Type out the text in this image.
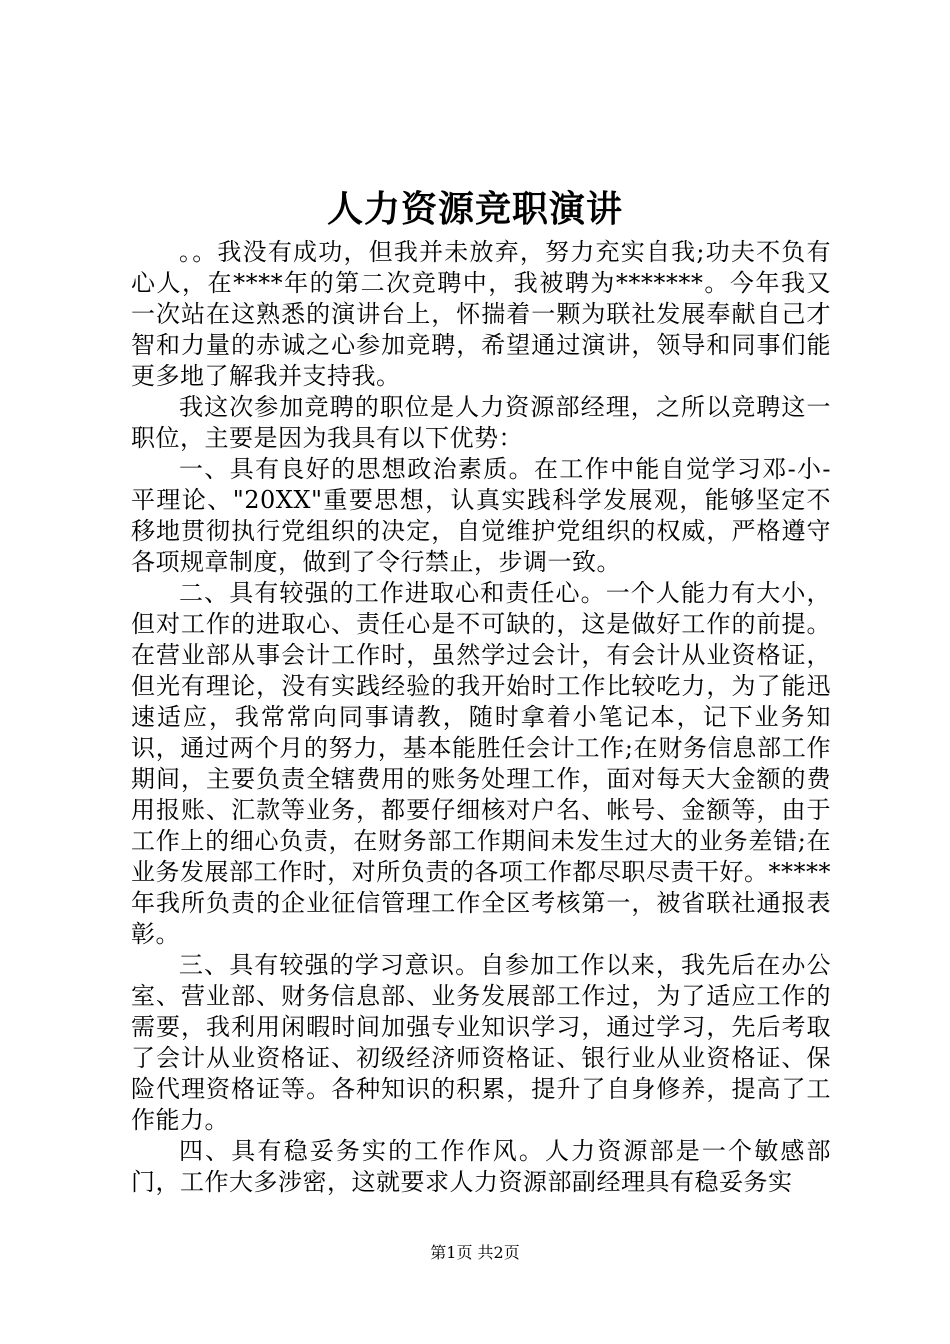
人力资源竞职演讲

。。我没有成功，但我并未放弃，努力充实自我;功夫不负有心人，在****年的第二次竞聘中，我被聘为*******。今年我又一次站在这熟悉的演讲台上，怀揣着一颗为联社发展奉献自己才智和力量的赤诚之心参加竞聘，希望通过演讲，领导和同事们能更多地了解我并支持我。

我这次参加竞聘的职位是人力资源部经理，之所以竞聘这一职位，主要是因为我具有以下优势：

一、具有良好的思想政治素质。在工作中能自觉学习邓-小-平理论、"20XX"重要思想，认真实践科学发展观，能够坚定不移地贯彻执行党组织的决定，自觉维护党组织的权威，严格遵守各项规章制度，做到了令行禁止，步调一致。

二、具有较强的工作进取心和责任心。一个人能力有大小，但对工作的进取心、责任心是不可缺的，这是做好工作的前提。在营业部从事会计工作时，虽然学过会计，有会计从业资格证，但光有理论，没有实践经验的我开始时工作比较吃力，为了能迅速适应，我常常向同事请教，随时拿着小笔记本，记下业务知识，通过两个月的努力，基本能胜任会计工作;在财务信息部工作期间，主要负责全辖费用的账务处理工作，面对每天大金额的费用报账、汇款等业务，都要仔细核对户名、帐号、金额等，由于工作上的细心负责，在财务部工作期间未发生过大的业务差错;在业务发展部工作时，对所负责的各项工作都尽职尽责干好。*****年我所负责的企业征信管理工作全区考核第一，被省联社通报表彰。

三、具有较强的学习意识。自参加工作以来，我先后在办公室、营业部、财务信息部、业务发展部工作过，为了适应工作的需要，我利用闲暇时间加强专业知识学习，通过学习，先后考取了会计从业资格证、初级经济师资格证、银行业从业资格证、保险代理资格证等。各种知识的积累，提升了自身修养，提高了工作能力。

四、具有稳妥务实的工作作风。人力资源部是一个敏感部门，工作大多涉密，这就要求人力资源部副经理具有稳妥务实

第1页 共2页
